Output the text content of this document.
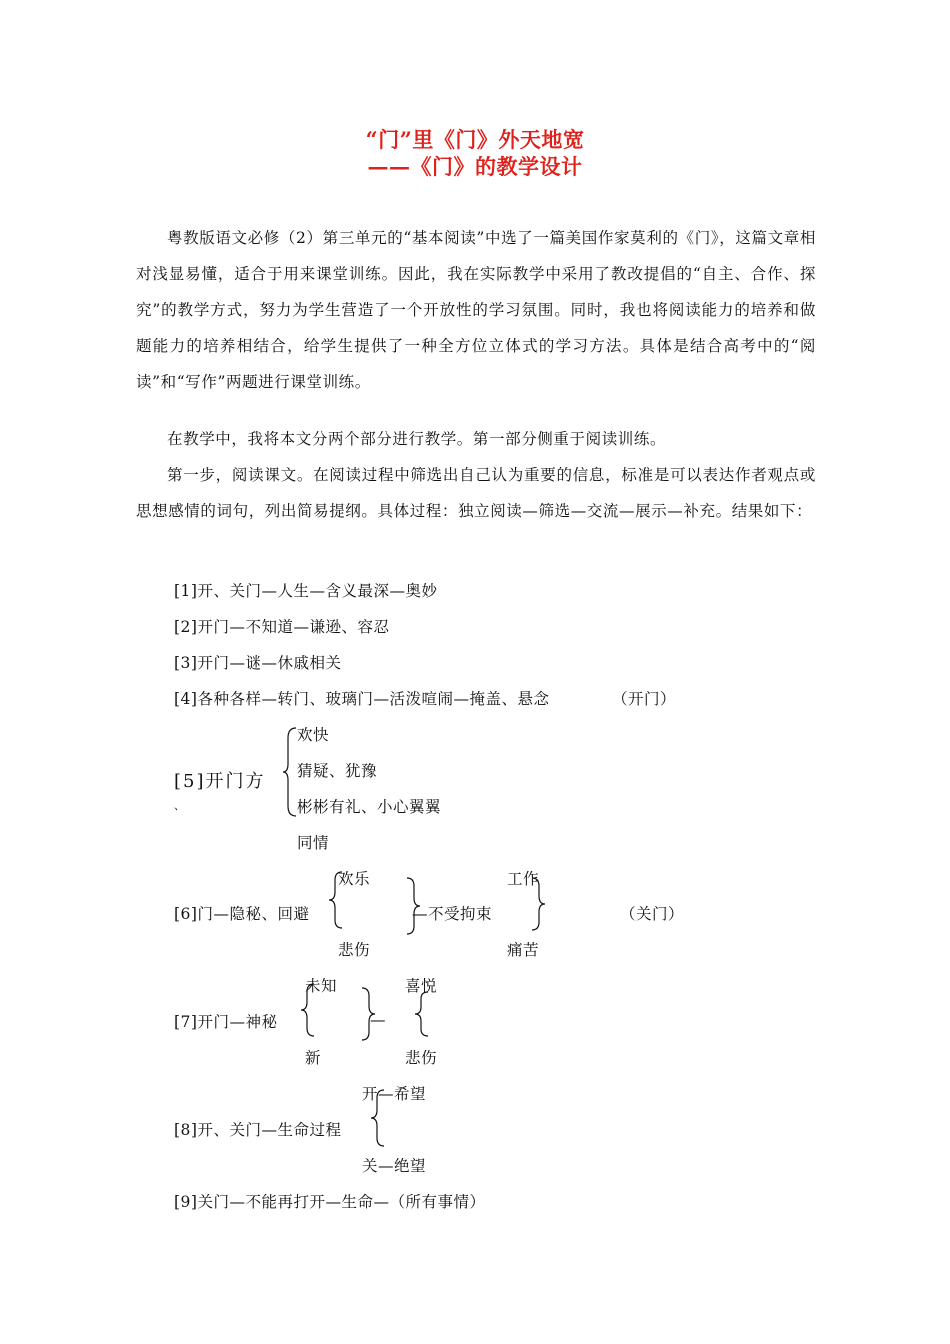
“门”里《门》外天地宽
——《门》的教学设计
粤教版语文必修（2）第三单元的“基本阅读”中选了一篇美国作家莫利的《门》，这篇文章相对浅显易懂，适合于用来课堂训练。因此，我在实际教学中采用了教改提倡的“自主、合作、探究”的教学方式，努力为学生营造了一个开放性的学习氛围。同时，我也将阅读能力的培养和做题能力的培养相结合，给学生提供了一种全方位立体式的学习方法。具体是结合高考中的“阅读”和“写作”两题进行课堂训练。
在教学中，我将本文分两个部分进行教学。第一部分侧重于阅读训练。
第一步，阅读课文。在阅读过程中筛选出自己认为重要的信息，标准是可以表达作者观点或思想感情的词句，列出简易提纲。具体过程：独立阅读—筛选—交流—展示—补充。结果如下：
[1]开、关门—人生—含义最深—奥妙
[2]开门—不知道—谦逊、容忍
[3]开门—谜—休戚相关
[4]各种各样—转门、玻璃门—活泼喧闹—掩盖、悬念	（开门）
[5]开门方
、
欢快
猜疑、犹豫
彬彬有礼、小心翼翼
同情
[6]门—隐秘、回避
欢乐
悲伤
—不受拘束
工作
痛苦
（关门）
[7]开门—神秘
未知
新
—
喜悦
悲伤
[8]开、关门—生命过程
开—希望
关—绝望
[9]关门—不能再打开—生命—（所有事情）
